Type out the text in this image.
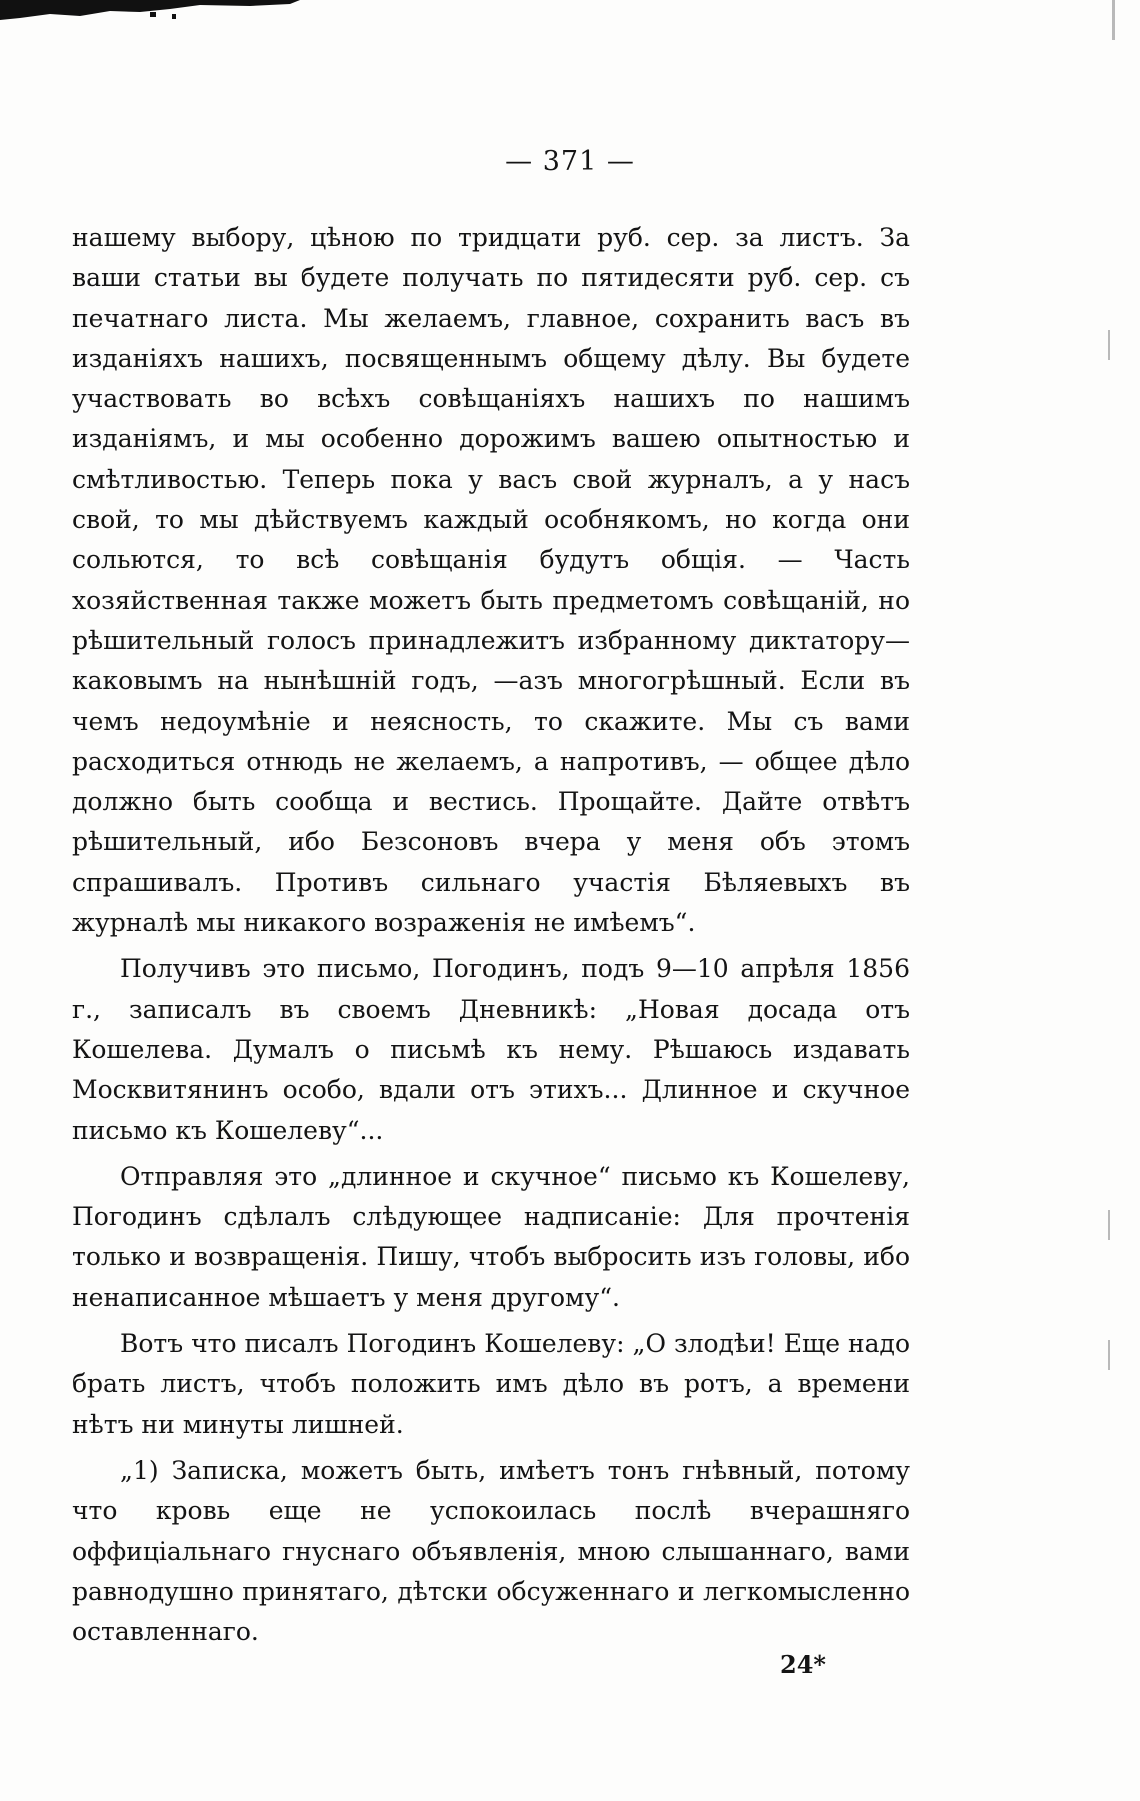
— 371 —

нашему выбору, цѣною по тридцати руб. сер. за листъ. За ваши статьи вы будете получать по пятидесяти руб. сер. съ печатнаго листа. Мы желаемъ, главное, сохранить васъ въ изданіяхъ нашихъ, посвященнымъ общему дѣлу. Вы будете участвовать во всѣхъ совѣщаніяхъ нашихъ по нашимъ изданіямъ, и мы особенно дорожимъ вашею опытностью и смѣтливостью. Теперь пока у васъ свой журналъ, а у насъ свой, то мы дѣйствуемъ каждый особнякомъ, но когда они сольются, то всѣ совѣщанія будутъ общія. — Часть хозяйственная также можетъ быть предметомъ совѣщаній, но рѣшительный голосъ принадлежитъ избранному диктатору—каковымъ на нынѣшній годъ, —азъ многогрѣшный. Если въ чемъ недоумѣніе и неясность, то скажите. Мы съ вами расходиться отнюдь не желаемъ, а напротивъ, — общее дѣло должно быть сообща и вестись. Прощайте. Дайте отвѣтъ рѣшительный, ибо Безсоновъ вчера у меня объ этомъ спрашивалъ. Противъ сильнаго участія Бѣляевыхъ въ журналѣ мы никакого возраженія не имѣемъ“.

Получивъ это письмо, Погодинъ, подъ 9—10 апрѣля 1856 г., записалъ въ своемъ Дневникѣ: „Новая досада отъ Кошелева. Думалъ о письмѣ къ нему. Рѣшаюсь издавать Москвитянинъ особо, вдали отъ этихъ... Длинное и скучное письмо къ Кошелеву“...

Отправляя это „длинное и скучное“ письмо къ Кошелеву, Погодинъ сдѣлалъ слѣдующее надписаніе: Для прочтенія только и возвращенія. Пишу, чтобъ выбросить изъ головы, ибо ненаписанное мѣшаетъ у меня другому“.

Вотъ что писалъ Погодинъ Кошелеву: „О злодѣи! Еще надо брать листъ, чтобъ положить имъ дѣло въ ротъ, а времени нѣтъ ни минуты лишней.

„1) Записка, можетъ быть, имѣетъ тонъ гнѣвный, потому что кровь еще не успокоилась послѣ вчерашняго оффиціальнаго гнуснаго объявленія, мною слышаннаго, вами равнодушно принятаго, дѣтски обсуженнаго и легкомысленно оставленнаго.

24*
